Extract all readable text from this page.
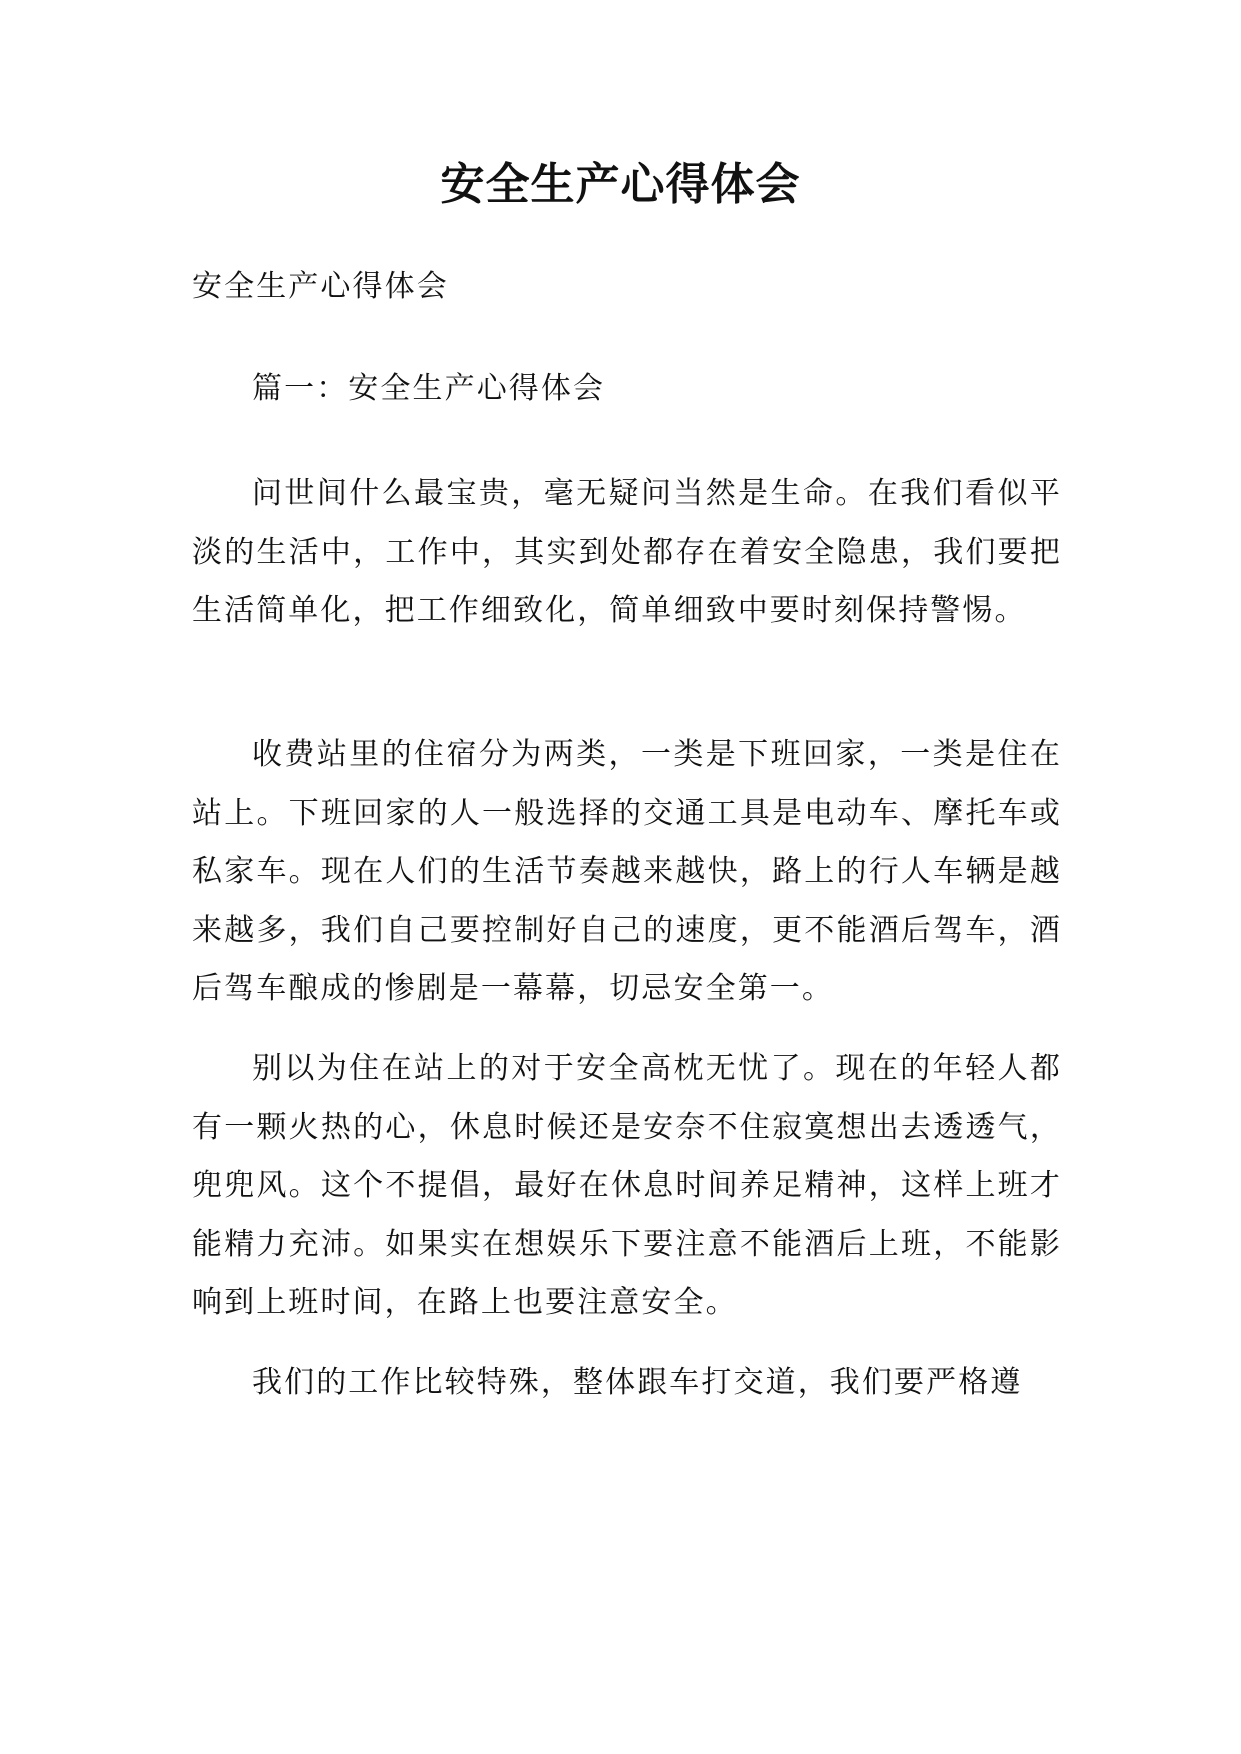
安全生产心得体会

安全生产心得体会

篇一：安全生产心得体会

问世间什么最宝贵，毫无疑问当然是生命。在我们看似平淡的生活中，工作中，其实到处都存在着安全隐患，我们要把生活简单化，把工作细致化，简单细致中要时刻保持警惕。

收费站里的住宿分为两类，一类是下班回家，一类是住在站上。下班回家的人一般选择的交通工具是电动车、摩托车或私家车。现在人们的生活节奏越来越快，路上的行人车辆是越来越多，我们自己要控制好自己的速度，更不能酒后驾车，酒后驾车酿成的惨剧是一幕幕，切忌安全第一。

别以为住在站上的对于安全高枕无忧了。现在的年轻人都有一颗火热的心，休息时候还是安奈不住寂寞想出去透透气，兜兜风。这个不提倡，最好在休息时间养足精神，这样上班才能精力充沛。如果实在想娱乐下要注意不能酒后上班，不能影响到上班时间，在路上也要注意安全。

我们的工作比较特殊，整体跟车打交道，我们要严格遵
